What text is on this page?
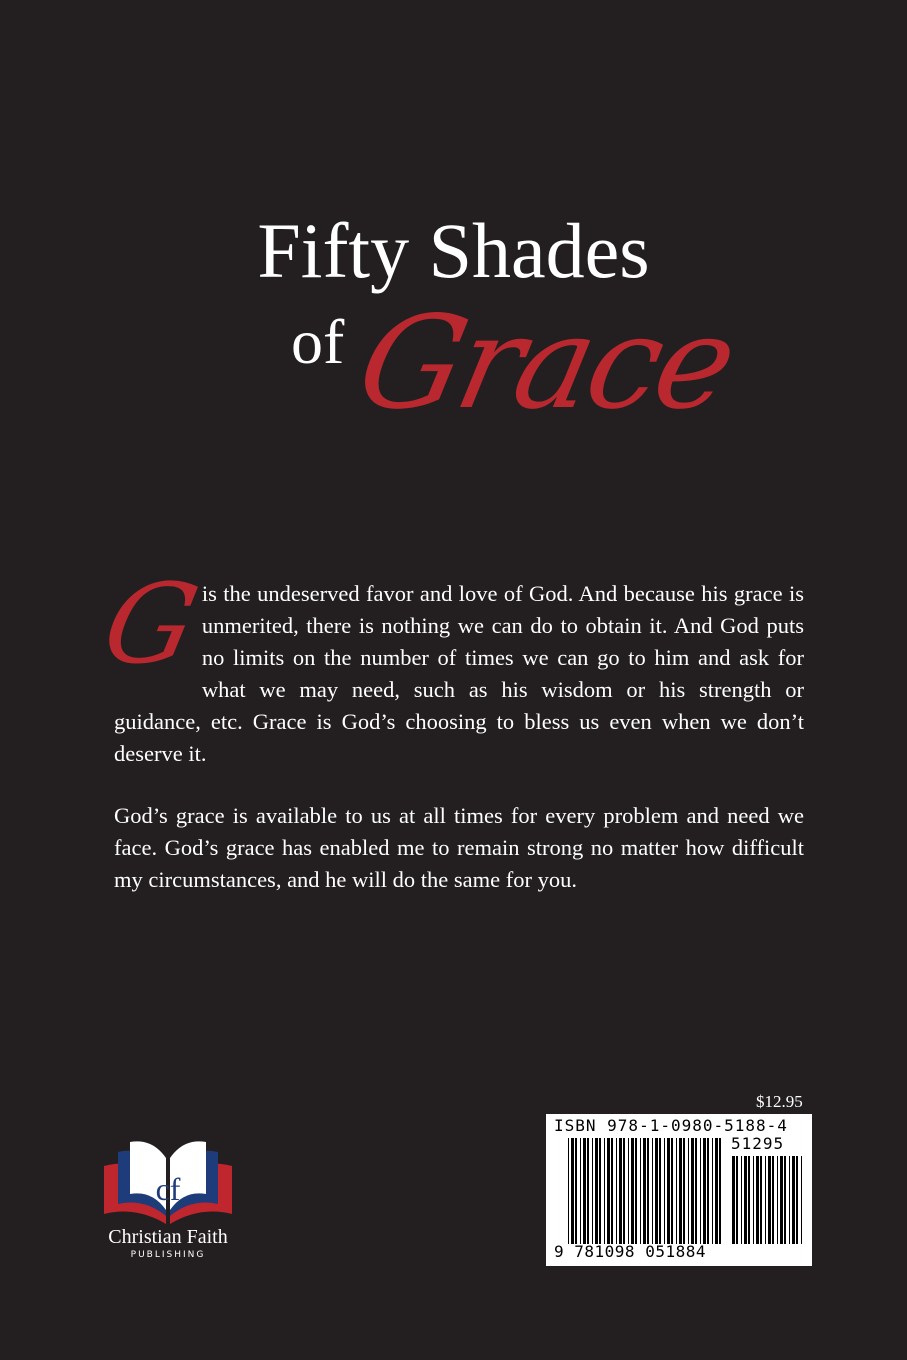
Fifty Shades
of Grace
G
is the undeserved favor and love of God. And because his grace is unmerited, there is nothing we can do to obtain it. And God puts no limits on the number of times we can go to him and ask for what we may need, such as his wisdom or his strength or guidance, etc. Grace is God’s choosing to bless us even when we don’t deserve it.
God’s grace is available to us at all times for every problem and need we face. God’s grace has enabled me to remain strong no matter how difficult my circumstances, and he will do the same for you.
$12.95
ISBN 978-1-0980-5188-4
51295
9 781098 051884
cf
Christian Faith
PUBLISHING
